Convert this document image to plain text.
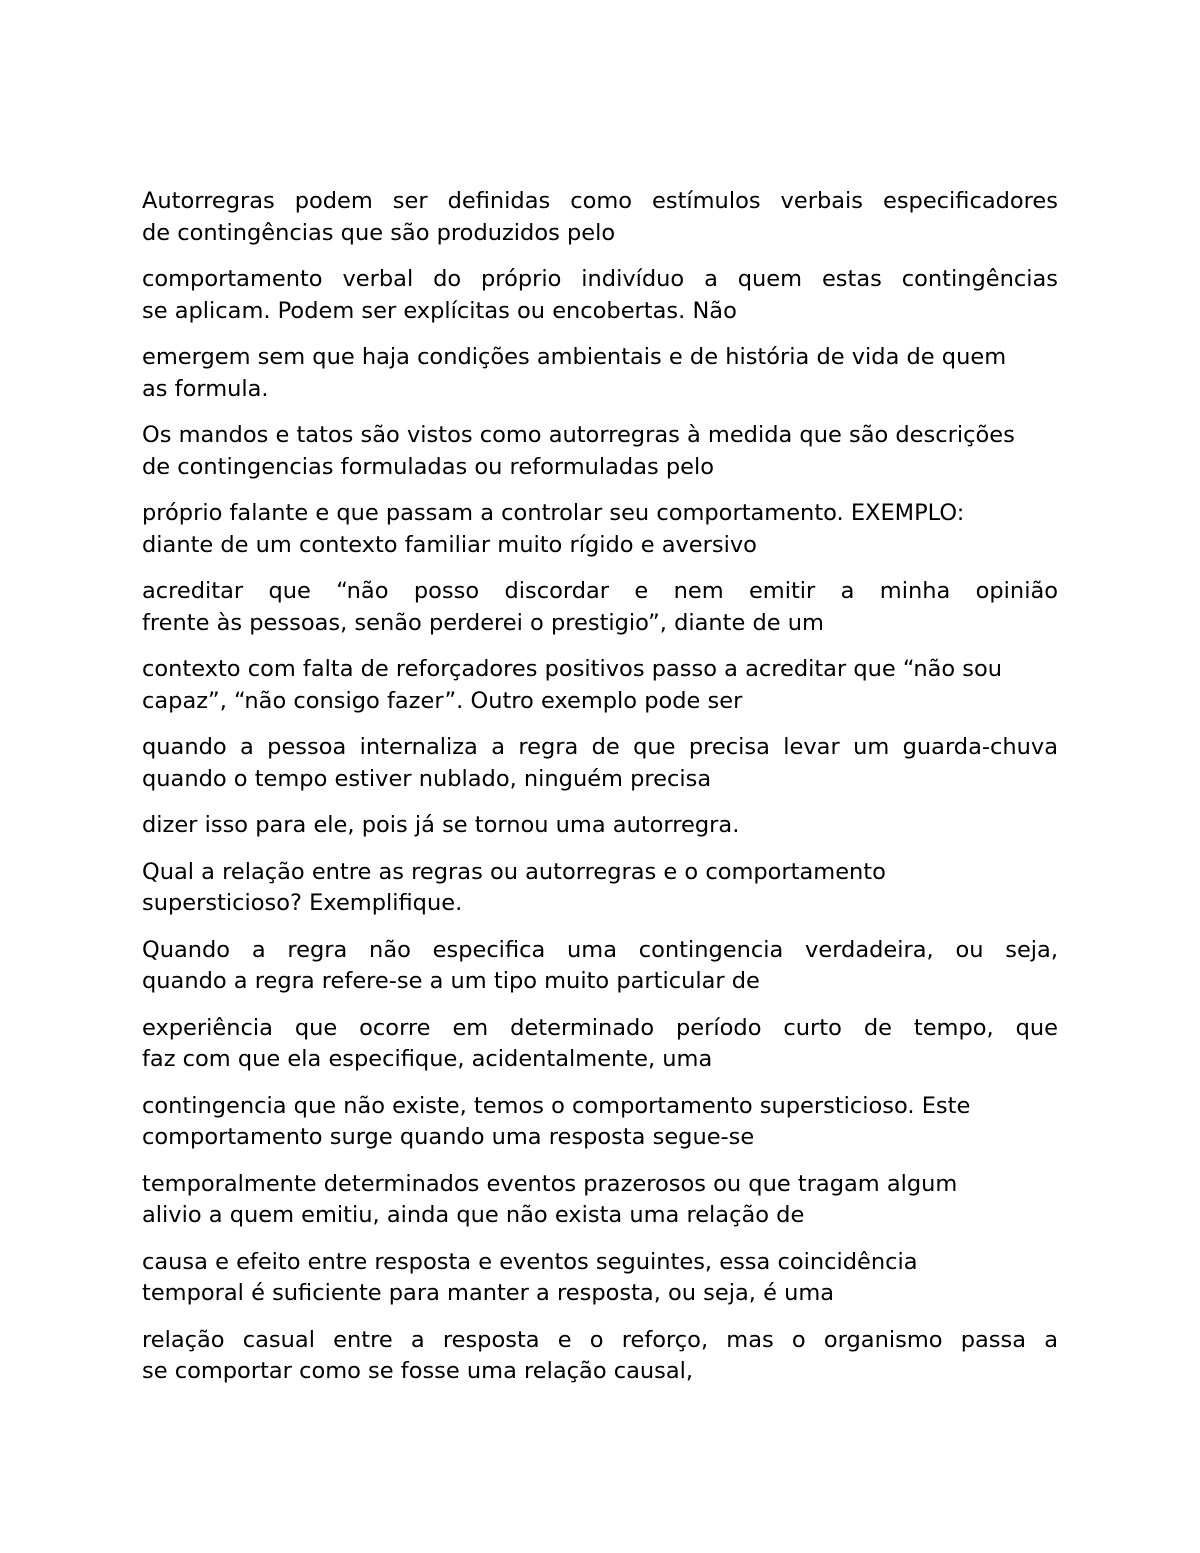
Autorregras podem ser definidas como estímulos verbais especificadores
de contingências que são produzidos pelo

comportamento verbal do próprio indivíduo a quem estas contingências
se aplicam. Podem ser explícitas ou encobertas. Não

emergem sem que haja condições ambientais e de história de vida de quem
as formula.

Os mandos e tatos são vistos como autorregras à medida que são descrições
de contingencias formuladas ou reformuladas pelo

próprio falante e que passam a controlar seu comportamento. EXEMPLO:
diante de um contexto familiar muito rígido e aversivo

acreditar que “não posso discordar e nem emitir a minha opinião
frente às pessoas, senão perderei o prestigio”, diante de um

contexto com falta de reforçadores positivos passo a acreditar que “não sou
capaz”, “não consigo fazer”. Outro exemplo pode ser

quando a pessoa internaliza a regra de que precisa levar um guarda-chuva
quando o tempo estiver nublado, ninguém precisa

dizer isso para ele, pois já se tornou uma autorregra.

Qual a relação entre as regras ou autorregras e o comportamento
supersticioso? Exemplifique.

Quando a regra não especifica uma contingencia verdadeira, ou seja,
quando a regra refere-se a um tipo muito particular de

experiência que ocorre em determinado período curto de tempo, que
faz com que ela especifique, acidentalmente, uma

contingencia que não existe, temos o comportamento supersticioso. Este
comportamento surge quando uma resposta segue-se

temporalmente determinados eventos prazerosos ou que tragam algum
alivio a quem emitiu, ainda que não exista uma relação de

causa e efeito entre resposta e eventos seguintes, essa coincidência
temporal é suficiente para manter a resposta, ou seja, é uma

relação casual entre a resposta e o reforço, mas o organismo passa a
se comportar como se fosse uma relação causal,
